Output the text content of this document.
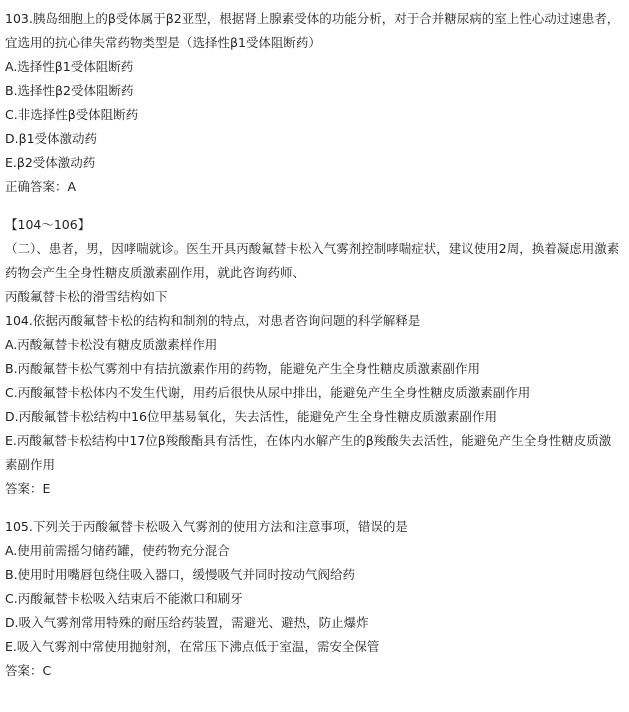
103.胰岛细胞上的β受体属于β2亚型，根据肾上腺素受体的功能分析，对于合并糖尿病的室上性心动过速患者，宜选用的抗心律失常药物类型是（选择性β1受体阻断药）
A.选择性β1受体阻断药
B.选择性β2受体阻断药
C.非选择性β受体阻断药
D.β1受体激动药
E.β2受体激动药
正确答案：A
【104～106】
（二）、患者，男，因哮喘就诊。医生开具丙酸氟替卡松入气雾剂控制哮喘症状，建议使用2周，换着凝虑用激素药物会产生全身性糖皮质激素副作用，就此咨询药师、
丙酸氟替卡松的滑雪结构如下
104.依据丙酸氟替卡松的结构和制剂的特点，对患者咨询问题的科学解释是
A.丙酸氟替卡松没有糖皮质激素样作用
B.丙酸氟替卡松气雾剂中有拮抗激素作用的药物，能避免产生全身性糖皮质激素副作用
C.丙酸氟替卡松体内不发生代谢，用药后很快从尿中排出，能避免产生全身性糖皮质激素副作用
D.丙酸氟替卡松结构中16位甲基易氧化，失去活性，能避免产生全身性糖皮质激素副作用
E.丙酸氟替卡松结构中17位β羧酸酯具有活性，在体内水解产生的β羧酸失去活性，能避免产生全身性糖皮质激素副作用
答案：E
105.下列关于丙酸氟替卡松吸入气雾剂的使用方法和注意事项，错误的是
A.使用前需摇匀储药罐，使药物充分混合
B.使用时用嘴唇包绕住吸入器口，缓慢吸气并同时按动气阀给药
C.丙酸氟替卡松吸入结束后不能漱口和刷牙
D.吸入气雾剂常用特殊的耐压给药装置，需避光、避热，防止爆炸
E.吸入气雾剂中常使用抛射剂，在常压下沸点低于室温，需安全保管
答案：C
